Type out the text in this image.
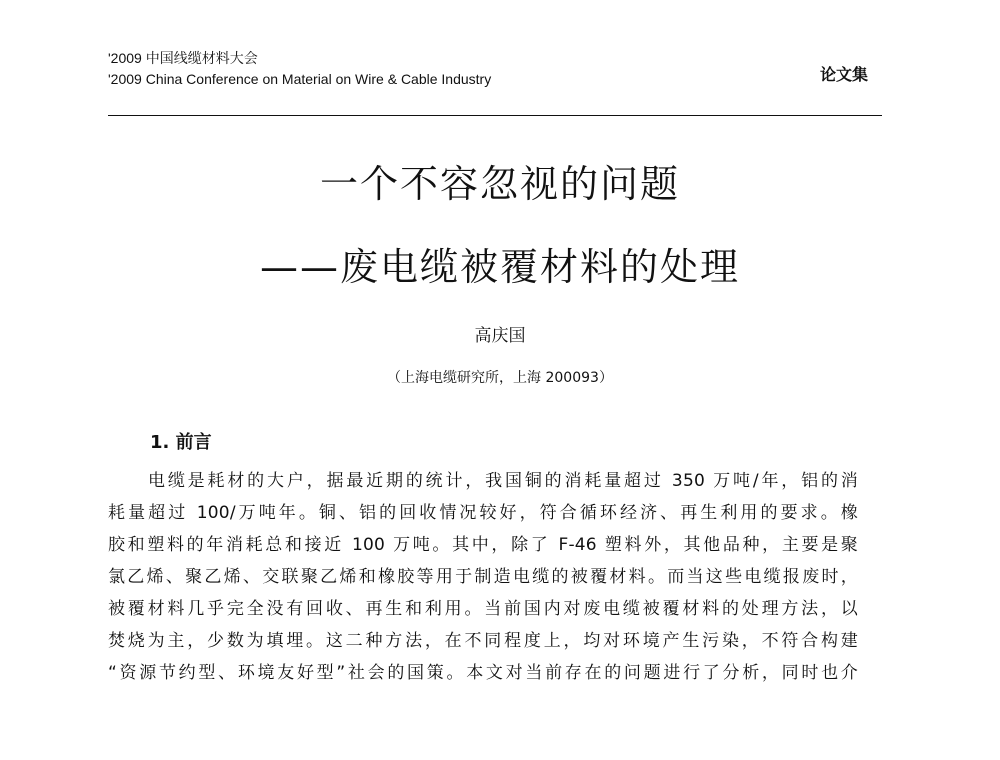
'2009 中国线缆材料大会
'2009 China Conference on Material on Wire & Cable Industry	论文集
一个不容忽视的问题
——废电缆被覆材料的处理
高庆国
（上海电缆研究所，上海 200093）
1. 前言
电缆是耗材的大户，据最近期的统计，我国铜的消耗量超过 350 万吨/年，铝的消
耗量超过 100/万吨年。铜、铝的回收情况较好，符合循环经济、再生利用的要求。橡
胶和塑料的年消耗总和接近 100 万吨。其中，除了 F-46 塑料外，其他品种，主要是聚
氯乙烯、聚乙烯、交联聚乙烯和橡胶等用于制造电缆的被覆材料。而当这些电缆报废时，
被覆材料几乎完全没有回收、再生和利用。当前国内对废电缆被覆材料的处理方法，以
焚烧为主，少数为填埋。这二种方法，在不同程度上，均对环境产生污染，不符合构建
“资源节约型、环境友好型”社会的国策。本文对当前存在的问题进行了分析，同时也介
